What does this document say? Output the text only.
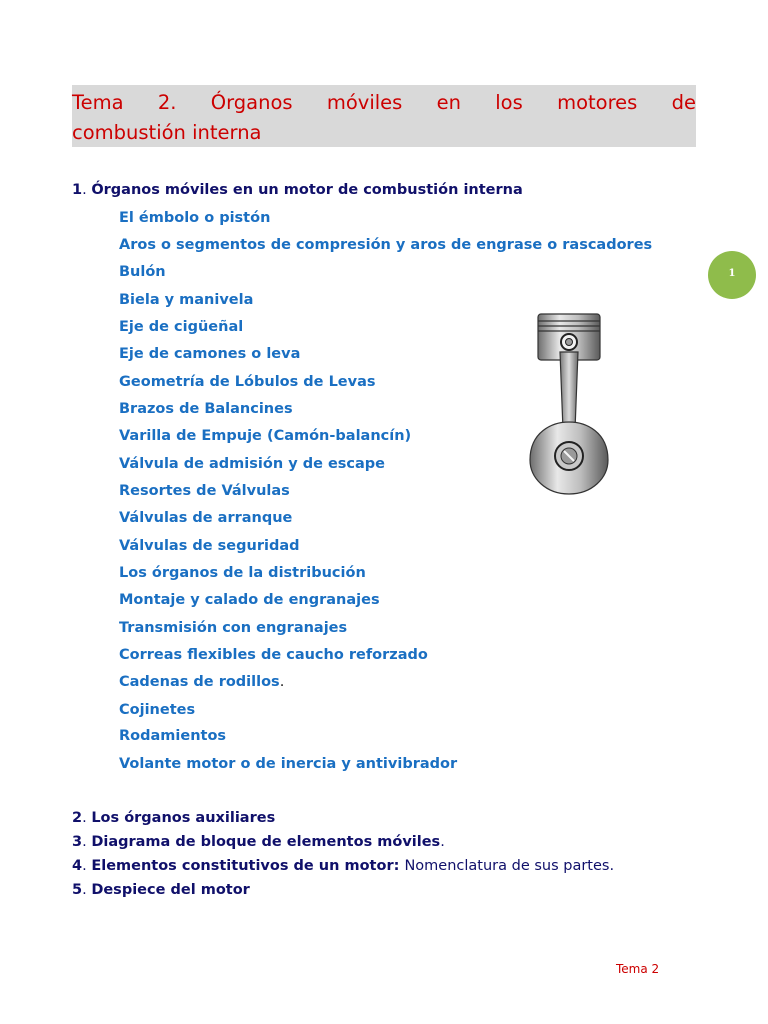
Tema 2. Órganos móviles en los motores de
combustión interna
1
1. Órganos móviles en un motor de combustión interna
El émbolo o pistón
Aros o segmentos de compresión y aros de engrase o rascadores
Bulón
Biela y manivela
Eje de cigüeñal
Eje de camones o leva
Geometría de Lóbulos de Levas
Brazos de Balancines
Varilla de Empuje (Camón-balancín)
Válvula de admisión y de escape
Resortes de Válvulas
Válvulas de arranque
Válvulas de seguridad
Los órganos de la distribución
Montaje y calado de engranajes
Transmisión con engranajes
Correas flexibles de caucho reforzado
Cadenas de rodillos.
Cojinetes
Rodamientos
Volante motor o de inercia y antivibrador
2. Los órganos auxiliares
3. Diagrama de bloque de elementos móviles.
4. Elementos constitutivos de un motor: Nomenclatura de sus partes.
5. Despiece del motor
Tema 2
